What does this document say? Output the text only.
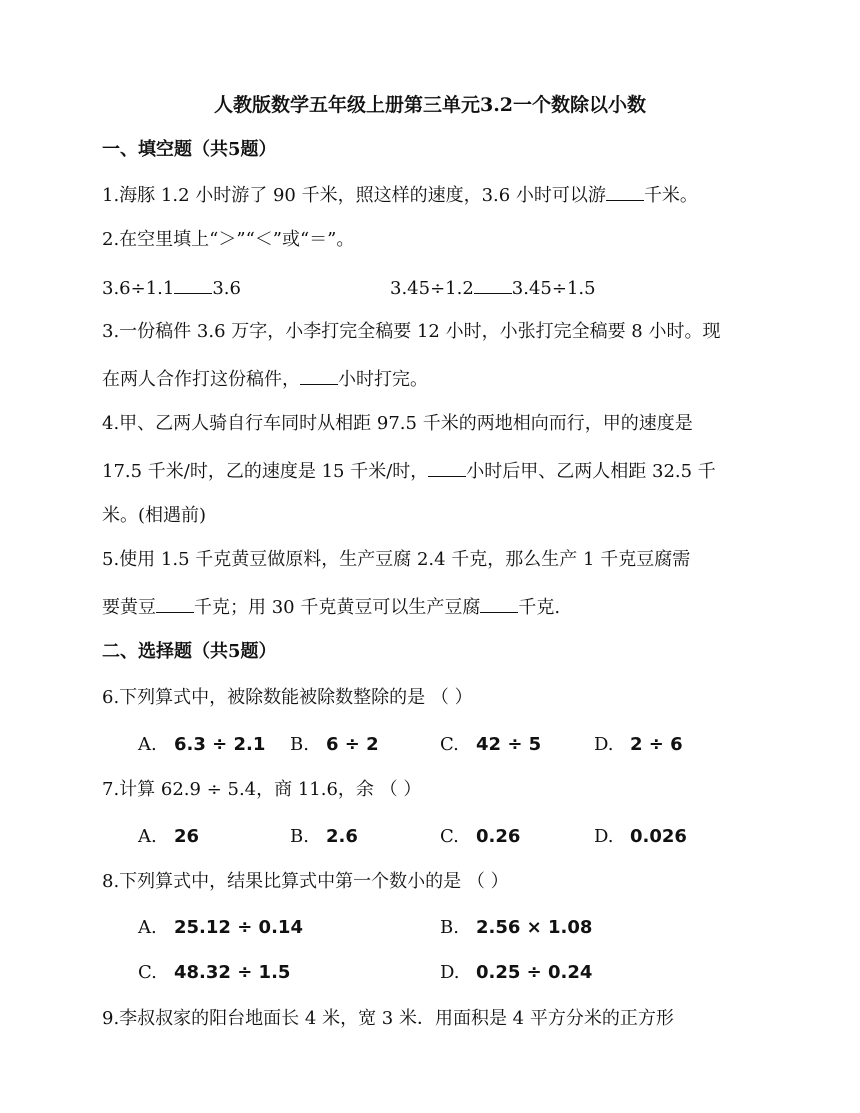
人教版数学五年级上册第三单元3.2一个数除以小数
一、填空题（共5题）
1.海豚 1.2 小时游了 90 千米，照这样的速度，3.6 小时可以游 千米。
2.在空里填上“＞”“＜”或“＝”。
3.6÷1.1 3.6	3.45÷1.2 3.45÷1.5
3.一份稿件 3.6 万字，小李打完全稿要 12 小时，小张打完全稿要 8 小时。现
在两人合作打这份稿件， 小时打完。
4.甲、乙两人骑自行车同时从相距 97.5 千米的两地相向而行，甲的速度是
17.5 千米/时，乙的速度是 15 千米/时， 小时后甲、乙两人相距 32.5 千
米。(相遇前)
5.使用 1.5 千克黄豆做原料，生产豆腐 2.4 千克，那么生产 1 千克豆腐需
要黄豆 千克；用 30 千克黄豆可以生产豆腐 千克.
二、选择题（共5题）
6.下列算式中，被除数能被除数整除的是 （ ）
A. 6.3 ÷ 2.1 B. 6 ÷ 2	C. 42 ÷ 5	D. 2 ÷ 6
7.计算 62.9 ÷ 5.4，商 11.6，余 （ ）
A. 26	B. 2.6	C. 0.26	D. 0.026
8.下列算式中，结果比算式中第一个数小的是 （ ）
A. 25.12 ÷ 0.14	B. 2.56 × 1.08
C. 48.32 ÷ 1.5	D. 0.25 ÷ 0.24
9.李叔叔家的阳台地面长 4 米，宽 3 米．用面积是 4 平方分米的正方形
